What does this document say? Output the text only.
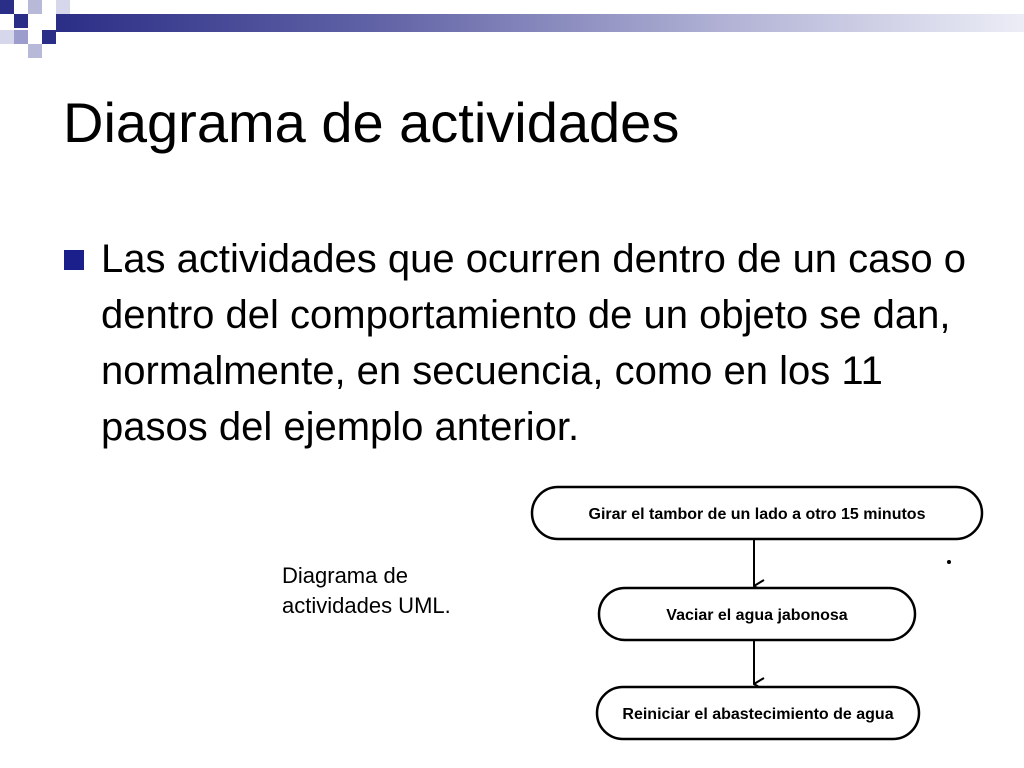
Diagrama de actividades

Las actividades que ocurren dentro de un caso o dentro del comportamiento de un objeto se dan, normalmente, en secuencia, como en los 11 pasos del ejemplo anterior.

Diagrama de
actividades UML.

Girar el tambor de un lado a otro 15 minutos
Vaciar el agua jabonosa
Reiniciar el abastecimiento de agua
